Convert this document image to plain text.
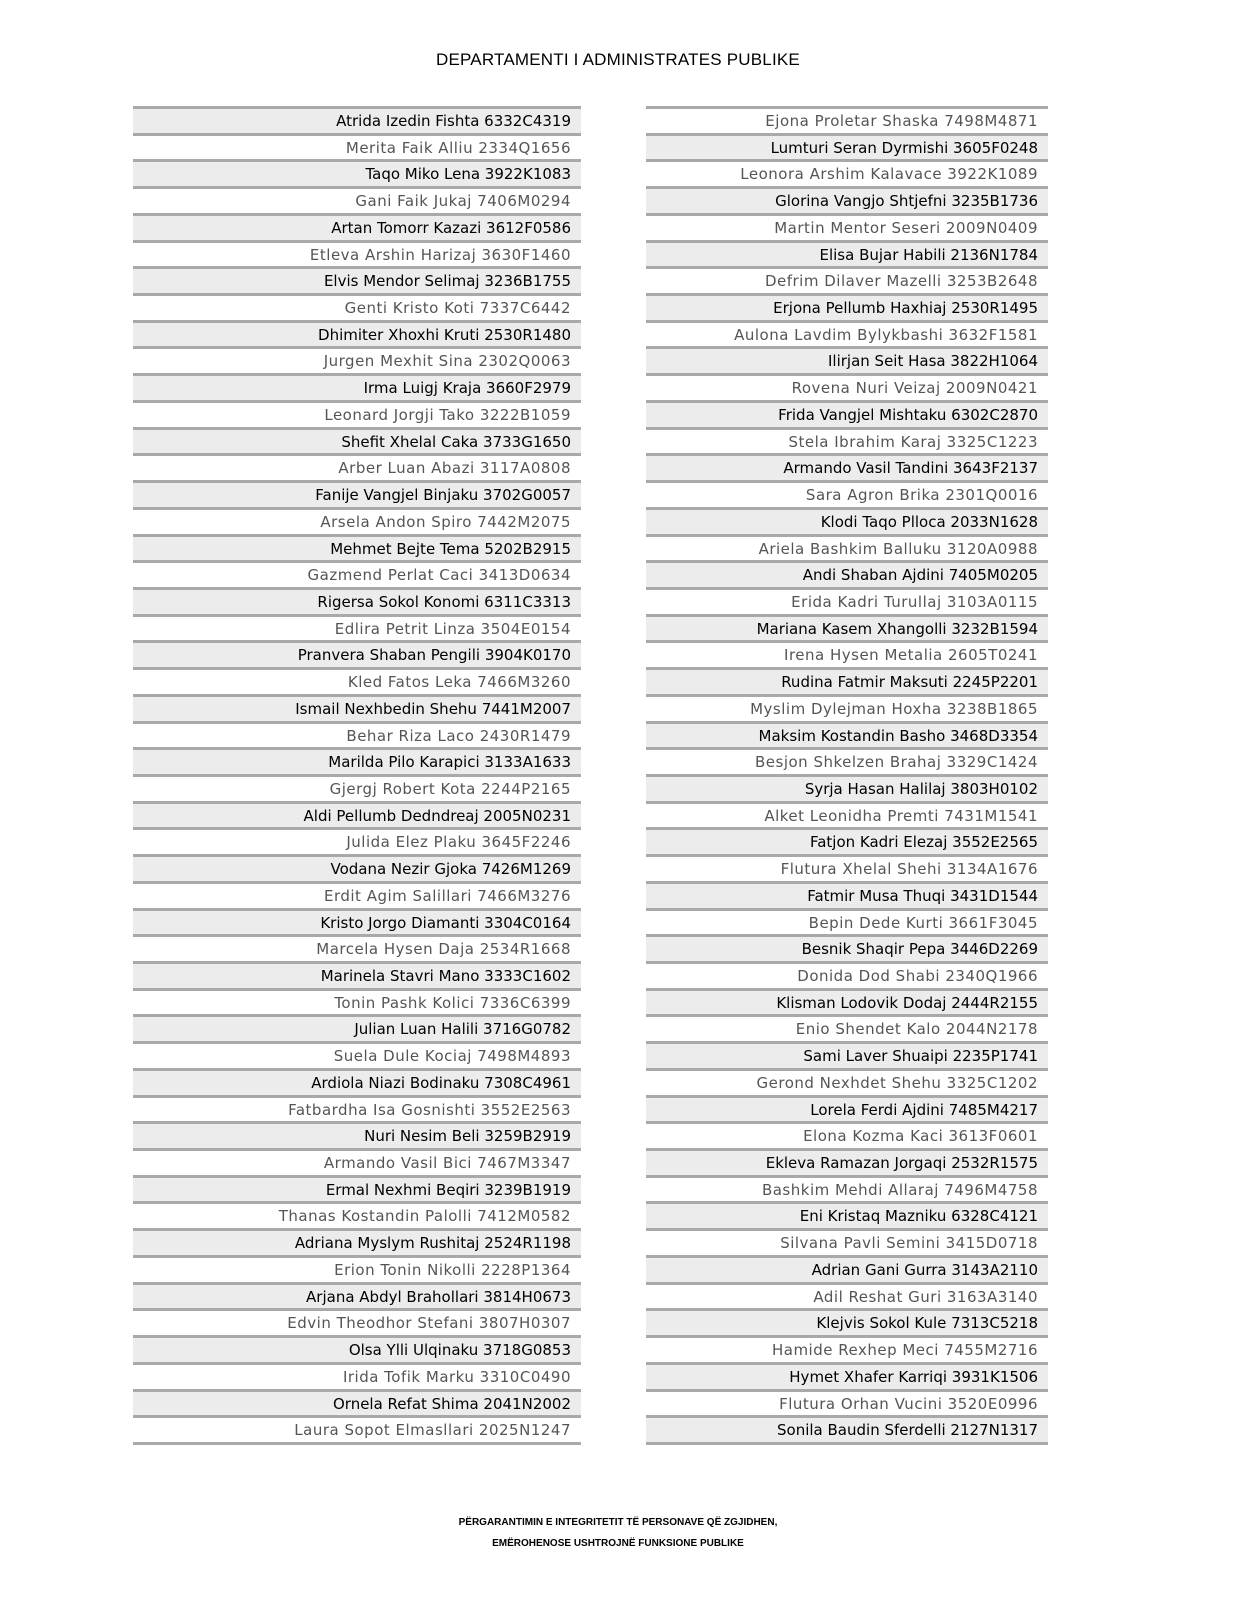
DEPARTAMENTI I ADMINISTRATES PUBLIKE
Atrida Izedin Fishta 6332C4319
Merita Faik Alliu 2334Q1656
Taqo Miko Lena 3922K1083
Gani Faik Jukaj 7406M0294
Artan Tomorr Kazazi 3612F0586
Etleva Arshin Harizaj 3630F1460
Elvis Mendor Selimaj 3236B1755
Genti Kristo Koti 7337C6442
Dhimiter Xhoxhi Kruti 2530R1480
Jurgen Mexhit Sina 2302Q0063
Irma Luigj Kraja 3660F2979
Leonard Jorgji Tako 3222B1059
Shefit Xhelal Caka 3733G1650
Arber Luan Abazi 3117A0808
Fanije Vangjel Binjaku 3702G0057
Arsela Andon Spiro 7442M2075
Mehmet Bejte Tema 5202B2915
Gazmend Perlat Caci 3413D0634
Rigersa Sokol Konomi 6311C3313
Edlira Petrit Linza 3504E0154
Pranvera Shaban Pengili 3904K0170
Kled Fatos Leka 7466M3260
Ismail Nexhbedin Shehu 7441M2007
Behar Riza Laco 2430R1479
Marilda Pilo Karapici 3133A1633
Gjergj Robert Kota 2244P2165
Aldi Pellumb Dedndreaj 2005N0231
Julida Elez Plaku 3645F2246
Vodana Nezir Gjoka 7426M1269
Erdit Agim Salillari 7466M3276
Kristo Jorgo Diamanti 3304C0164
Marcela Hysen Daja 2534R1668
Marinela Stavri Mano 3333C1602
Tonin Pashk Kolici 7336C6399
Julian Luan Halili 3716G0782
Suela Dule Kociaj 7498M4893
Ardiola Niazi Bodinaku 7308C4961
Fatbardha Isa Gosnishti 3552E2563
Nuri Nesim Beli 3259B2919
Armando Vasil Bici 7467M3347
Ermal Nexhmi Beqiri 3239B1919
Thanas Kostandin Palolli 7412M0582
Adriana Myslym Rushitaj 2524R1198
Erion Tonin Nikolli 2228P1364
Arjana Abdyl Brahollari 3814H0673
Edvin Theodhor Stefani 3807H0307
Olsa Ylli Ulqinaku 3718G0853
Irida Tofik Marku 3310C0490
Ornela Refat Shima 2041N2002
Laura Sopot Elmasllari 2025N1247
Ejona Proletar Shaska 7498M4871
Lumturi Seran Dyrmishi 3605F0248
Leonora Arshim Kalavace 3922K1089
Glorina Vangjo Shtjefni 3235B1736
Martin Mentor Seseri 2009N0409
Elisa Bujar Habili 2136N1784
Defrim Dilaver Mazelli 3253B2648
Erjona Pellumb Haxhiaj 2530R1495
Aulona Lavdim Bylykbashi 3632F1581
Ilirjan Seit Hasa 3822H1064
Rovena Nuri Veizaj 2009N0421
Frida Vangjel Mishtaku 6302C2870
Stela Ibrahim Karaj 3325C1223
Armando Vasil Tandini 3643F2137
Sara Agron Brika 2301Q0016
Klodi Taqo Plloca 2033N1628
Ariela Bashkim Balluku 3120A0988
Andi Shaban Ajdini 7405M0205
Erida Kadri Turullaj 3103A0115
Mariana Kasem Xhangolli 3232B1594
Irena Hysen Metalia 2605T0241
Rudina Fatmir Maksuti 2245P2201
Myslim Dylejman Hoxha 3238B1865
Maksim Kostandin Basho 3468D3354
Besjon Shkelzen Brahaj 3329C1424
Syrja Hasan Halilaj 3803H0102
Alket Leonidha Premti 7431M1541
Fatjon Kadri Elezaj 3552E2565
Flutura Xhelal Shehi 3134A1676
Fatmir Musa Thuqi 3431D1544
Bepin Dede Kurti 3661F3045
Besnik Shaqir Pepa 3446D2269
Donida Dod Shabi 2340Q1966
Klisman Lodovik Dodaj 2444R2155
Enio Shendet Kalo 2044N2178
Sami Laver Shuaipi 2235P1741
Gerond Nexhdet Shehu 3325C1202
Lorela Ferdi Ajdini 7485M4217
Elona Kozma Kaci 3613F0601
Ekleva Ramazan Jorgaqi 2532R1575
Bashkim Mehdi Allaraj 7496M4758
Eni Kristaq Mazniku 6328C4121
Silvana Pavli Semini 3415D0718
Adrian Gani Gurra 3143A2110
Adil Reshat Guri 3163A3140
Klejvis Sokol Kule 7313C5218
Hamide Rexhep Meci 7455M2716
Hymet Xhafer Karriqi 3931K1506
Flutura Orhan Vucini 3520E0996
Sonila Baudin Sferdelli 2127N1317
PËRGARANTIMIN E INTEGRITETIT TË PERSONAVE QË ZGJIDHEN,
EMËROHENOSE USHTROJNË FUNKSIONE PUBLIKE
